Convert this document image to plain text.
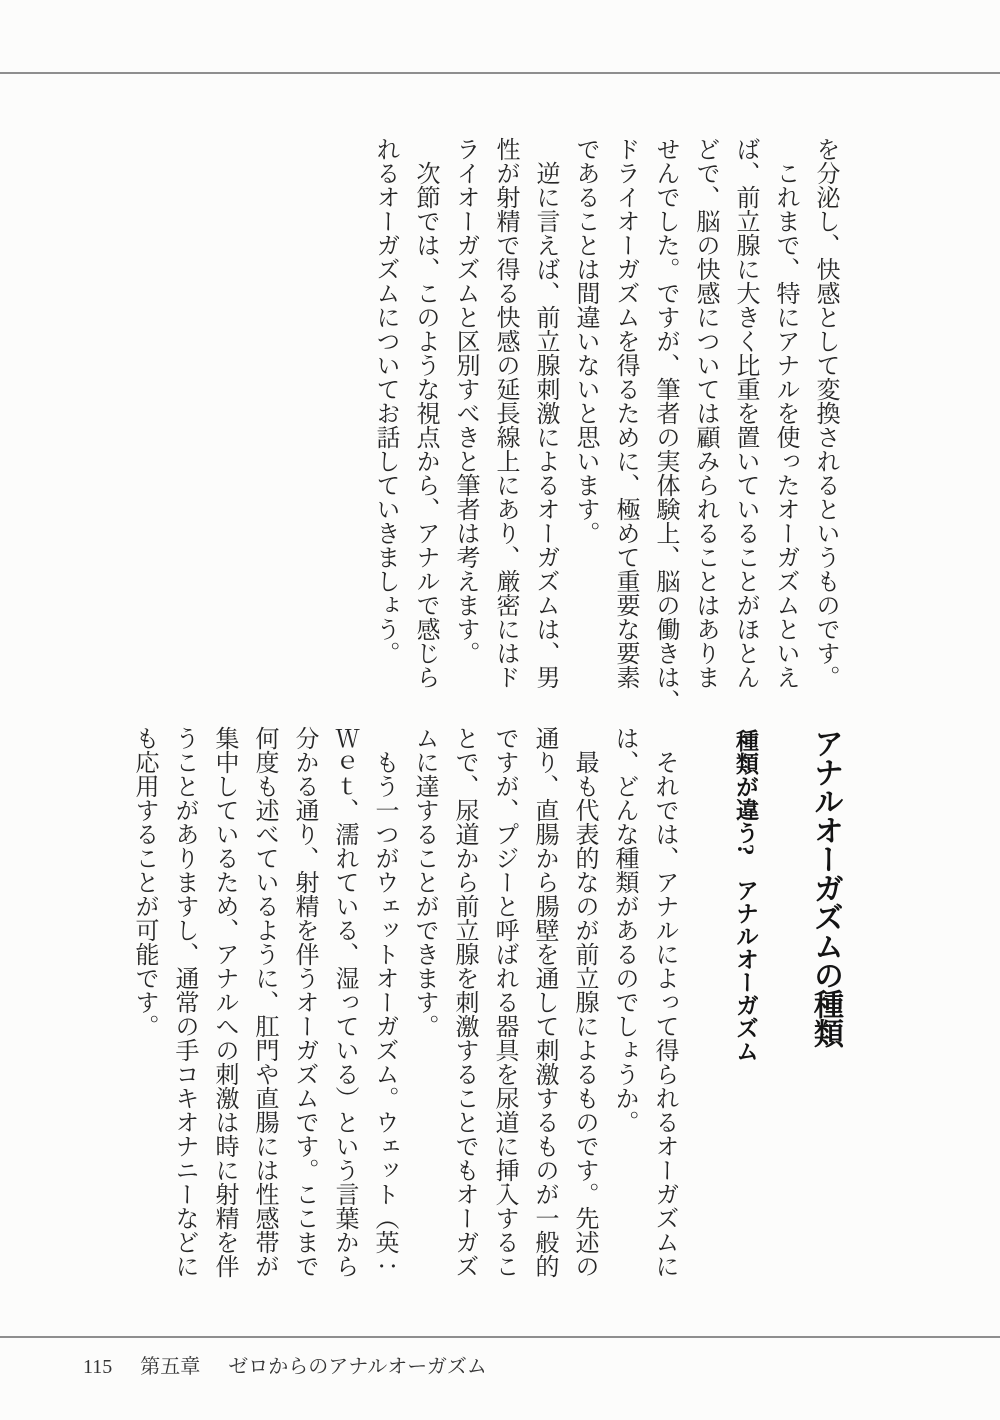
を分泌し、快感として変換されるというものです。
これまで、特にアナルを使ったオーガズムといえ
ば、前立腺に大きく比重を置いていることがほとん
どで、脳の快感については顧みられることはありま
せんでした。ですが、筆者の実体験上、脳の働きは、
ドライオーガズムを得るために、極めて重要な要素
であることは間違いないと思います。
逆に言えば、前立腺刺激によるオーガズムは、男
性が射精で得る快感の延長線上にあり、厳密にはド
ライオーガズムと区別すべきと筆者は考えます。
次節では、このような視点から、アナルで感じら
れるオーガズムについてお話していきましょう。
アナルオーガズムの種類
種類が違う?　アナルオーガズム
それでは、アナルによって得られるオーガズムに
は、どんな種類があるのでしょうか。
最も代表的なのが前立腺によるものです。先述の
通り、直腸から腸壁を通して刺激するものが一般的
ですが、プジーと呼ばれる器具を尿道に挿入するこ
とで、尿道から前立腺を刺激することでもオーガズ
ムに達することができます。
もう一つがウェットオーガズム。ウェット（英：
Ｗｅｔ、濡れている、湿っている）という言葉から
分かる通り、射精を伴うオーガズムです。ここまで
何度も述べているように、肛門や直腸には性感帯が
集中しているため、アナルへの刺激は時に射精を伴
うことがありますし、通常の手コキオナニーなどに
も応用することが可能です。
115 第五章 ゼロからのアナルオーガズム
